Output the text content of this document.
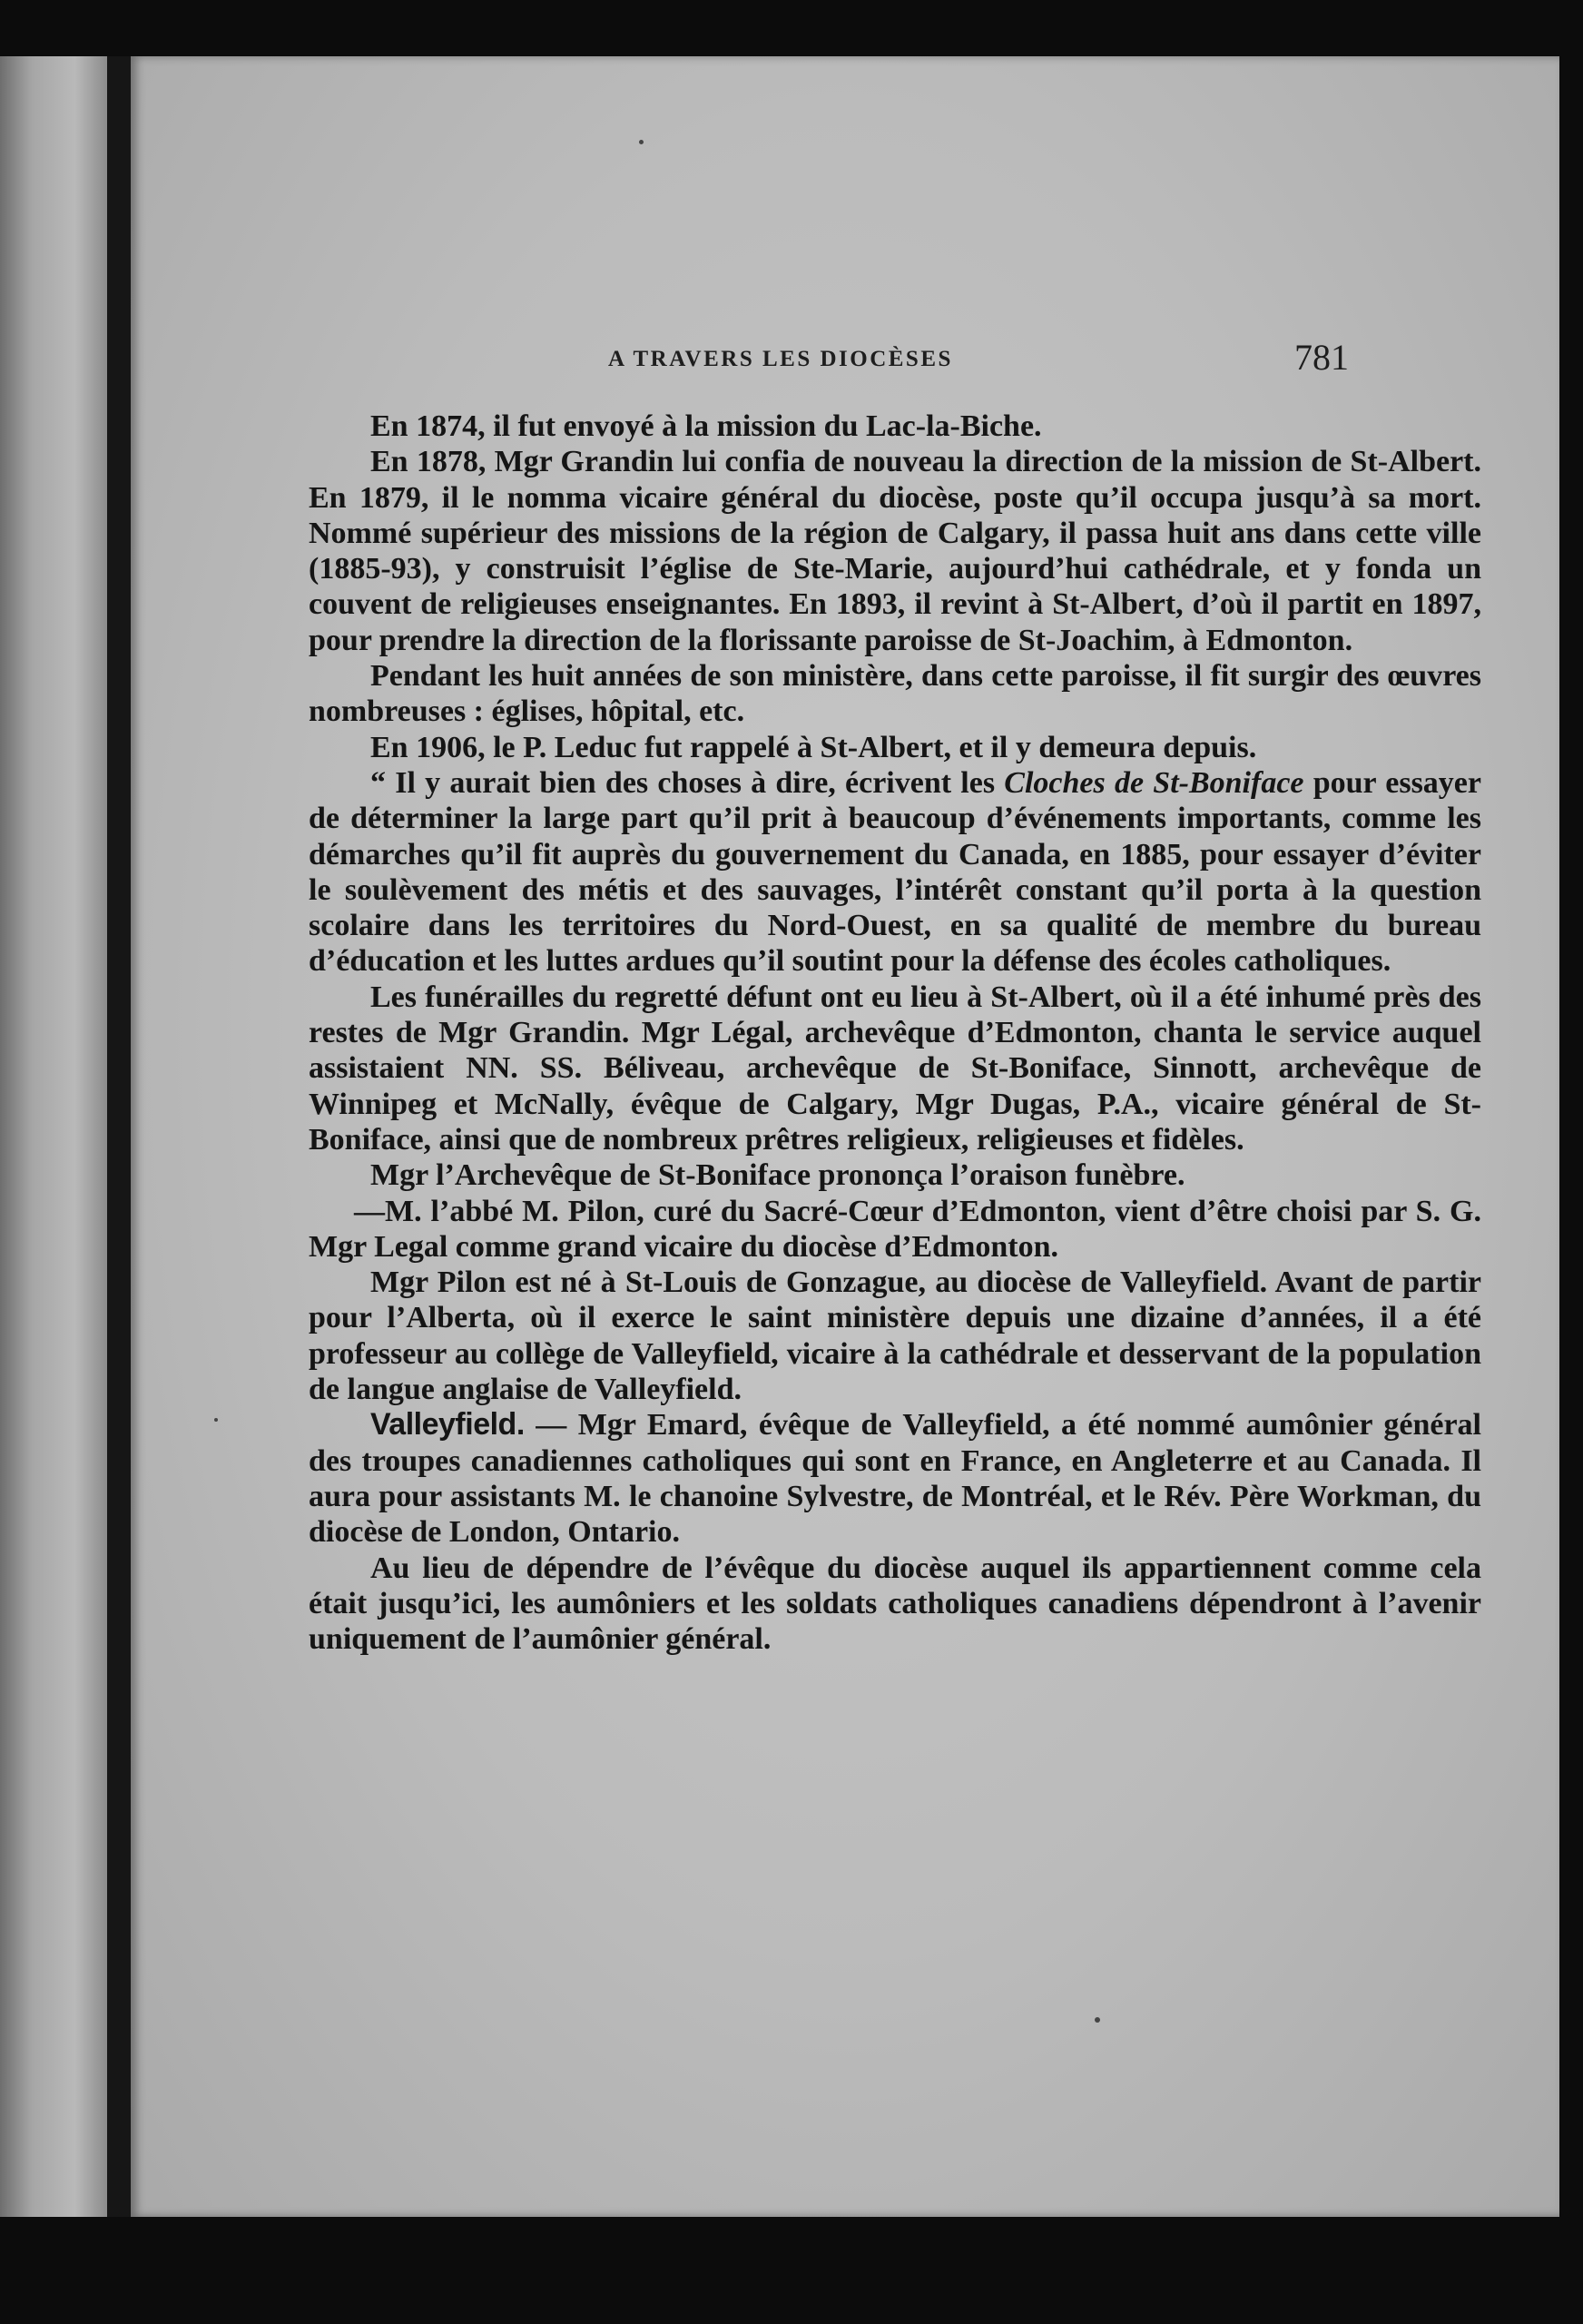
A TRAVERS LES DIOCÈSES	781

En 1874, il fut envoyé à la mission du Lac-la-Biche.

En 1878, Mgr Grandin lui confia de nouveau la direction de la mission de St-Albert. En 1879, il le nomma vicaire général du diocèse, poste qu’il occupa jusqu’à sa mort. Nommé supérieur des missions de la région de Calgary, il passa huit ans dans cette ville (1885-93), y construisit l’église de Ste-Marie, aujourd’hui cathédrale, et y fonda un couvent de religieuses enseignantes. En 1893, il revint à St-Albert, d’où il partit en 1897, pour prendre la direction de la florissante paroisse de St-Joachim, à Edmonton.

Pendant les huit années de son ministère, dans cette paroisse, il fit surgir des œuvres nombreuses : églises, hôpital, etc.

En 1906, le P. Leduc fut rappelé à St-Albert, et il y demeura depuis.

“ Il y aurait bien des choses à dire, écrivent les Cloches de St-Boniface pour essayer de déterminer la large part qu’il prit à beaucoup d’événements importants, comme les démarches qu’il fit auprès du gouvernement du Canada, en 1885, pour essayer d’éviter le soulèvement des métis et des sauvages, l’intérêt constant qu’il porta à la question scolaire dans les territoires du Nord-Ouest, en sa qualité de membre du bureau d’éducation et les luttes ardues qu’il soutint pour la défense des écoles catholiques.

Les funérailles du regretté défunt ont eu lieu à St-Albert, où il a été inhumé près des restes de Mgr Grandin. Mgr Légal, archevêque d’Edmonton, chanta le service auquel assistaient NN. SS. Béliveau, archevêque de St-Boniface, Sinnott, archevêque de Winnipeg et McNally, évêque de Calgary, Mgr Dugas, P.A., vicaire général de St-Boniface, ainsi que de nombreux prêtres religieux, religieuses et fidèles.

Mgr l’Archevêque de St-Boniface prononça l’oraison funèbre.

—M. l’abbé M. Pilon, curé du Sacré-Cœur d’Edmonton, vient d’être choisi par S. G. Mgr Legal comme grand vicaire du diocèse d’Edmonton.

Mgr Pilon est né à St-Louis de Gonzague, au diocèse de Valleyfield. Avant de partir pour l’Alberta, où il exerce le saint ministère depuis une dizaine d’années, il a été professeur au collège de Valleyfield, vicaire à la cathédrale et desservant de la population de langue anglaise de Valleyfield.

Valleyfield. — Mgr Emard, évêque de Valleyfield, a été nommé aumônier général des troupes canadiennes catholiques qui sont en France, en Angleterre et au Canada. Il aura pour assistants M. le chanoine Sylvestre, de Montréal, et le Rév. Père Workman, du diocèse de London, Ontario.

Au lieu de dépendre de l’évêque du diocèse auquel ils appartiennent comme cela était jusqu’ici, les aumôniers et les soldats catholiques canadiens dépendront à l’avenir uniquement de l’aumônier général.
